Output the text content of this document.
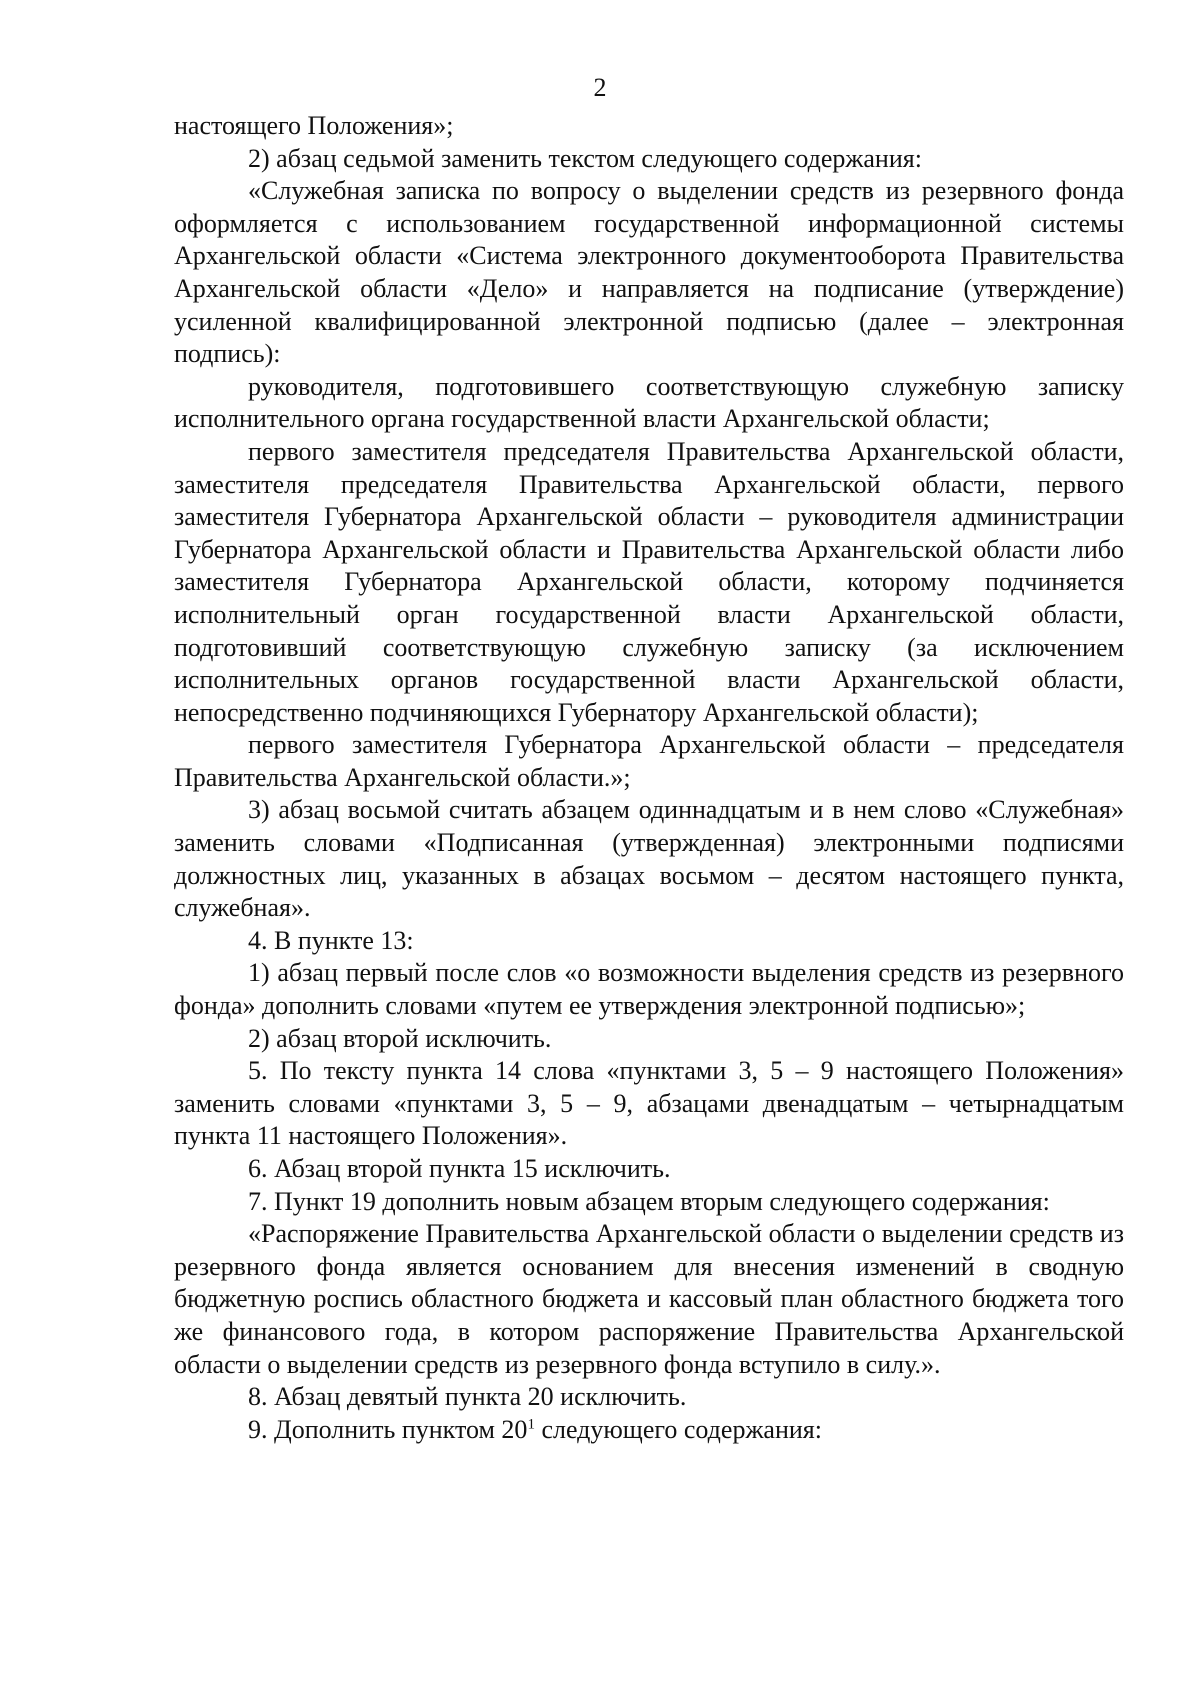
2

настоящего Положения»;

2) абзац седьмой заменить текстом следующего содержания:

«Служебная записка по вопросу о выделении средств из резервного фонда оформляется с использованием государственной информационной системы Архангельской области «Система электронного документооборота Правительства Архангельской области «Дело» и направляется на подписание (утверждение) усиленной квалифицированной электронной подписью (далее – электронная подпись):

руководителя, подготовившего соответствующую служебную записку исполнительного органа государственной власти Архангельской области;

первого заместителя председателя Правительства Архангельской области, заместителя председателя Правительства Архангельской области, первого заместителя Губернатора Архангельской области – руководителя администрации Губернатора Архангельской области и Правительства Архангельской области либо заместителя Губернатора Архангельской области, которому подчиняется исполнительный орган государственной власти Архангельской области, подготовивший соответствующую служебную записку (за исключением исполнительных органов государственной власти Архангельской области, непосредственно подчиняющихся Губернатору Архангельской области);

первого заместителя Губернатора Архангельской области – председателя Правительства Архангельской области.»;

3) абзац восьмой считать абзацем одиннадцатым и в нем слово «Служебная» заменить словами «Подписанная (утвержденная) электронными подписями должностных лиц, указанных в абзацах восьмом – десятом настоящего пункта, служебная».

4. В пункте 13:

1) абзац первый после слов «о возможности выделения средств из резервного фонда» дополнить словами «путем ее утверждения электронной подписью»;

2) абзац второй исключить.

5. По тексту пункта 14 слова «пунктами 3, 5 – 9 настоящего Положения» заменить словами «пунктами 3, 5 – 9, абзацами двенадцатым – четырнадцатым пункта 11 настоящего Положения».

6. Абзац второй пункта 15 исключить.

7. Пункт 19 дополнить новым абзацем вторым следующего содержания:

«Распоряжение Правительства Архангельской области о выделении средств из резервного фонда является основанием для внесения изменений в сводную бюджетную роспись областного бюджета и кассовый план областного бюджета того же финансового года, в котором распоряжение Правительства Архангельской области о выделении средств из резервного фонда вступило в силу.».

8. Абзац девятый пункта 20 исключить.

9. Дополнить пунктом $20^1$ следующего содержания:
